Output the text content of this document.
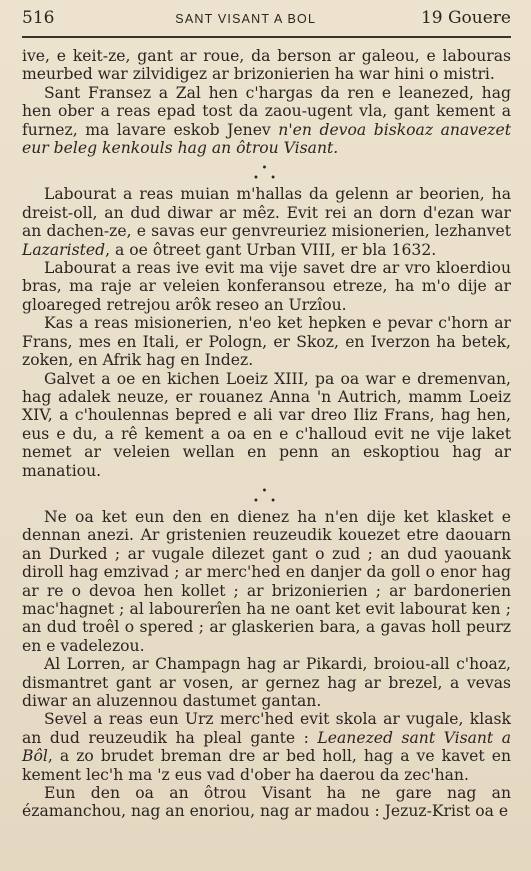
516	SANT VISANT A BOL	19 Gouere

ive, e keit-ze, gant ar roue, da berson ar galeou, e labouras meurbed war zilvidigez ar brizonierien ha war hini o mistri.

Sant Fransez a Zal hen c'hargas da ren e leanezed, hag hen ober a reas epad tost da zaou-ugent vla, gant kement a furnez, ma lavare eskob Jenev n'en devoa biskoaz anavezet eur beleg kenkouls hag an ôtrou Visant.

•
• •

Labourat a reas muian m'hallas da gelenn ar beorien, ha dreist-oll, an dud diwar ar mêz. Evit rei an dorn d'ezan war an dachen-ze, e savas eur genvreuriez misionerien, lezhanvet Lazaristed, a oe ôtreet gant Urban VIII, er bla 1632.

Labourat a reas ive evit ma vije savet dre ar vro kloerdiou bras, ma raje ar veleien konferansou etreze, ha m'o dije ar gloareged retrejou arôk reseo an Urzîou.

Kas a reas misionerien, n'eo ket hepken e pevar c'horn ar Frans, mes en Itali, er Pologn, er Skoz, en Iverzon ha betek, zoken, en Afrik hag en Indez.

Galvet a oe en kichen Loeiz XIII, pa oa war e dremenvan, hag adalek neuze, er rouanez Anna 'n Autrich, mamm Loeiz XIV, a c'houlennas bepred e ali var dreo Iliz Frans, hag hen, eus e du, a rê kement a oa en e c'halloud evit ne vije laket nemet ar veleien wellan en penn an eskoptiou hag ar manatiou.

•
• •

Ne oa ket eun den en dienez ha n'en dije ket klasket e dennan anezi. Ar gristenien reuzeudik kouezet etre daouarn an Durked ; ar vugale dilezet gant o zud ; an dud yaouank diroll hag emzivad ; ar merc'hed en danjer da goll o enor hag ar re o devoa hen kollet ; ar brizonierien ; ar bardonerien mac'hagnet ; al labourerîen ha ne oant ket evit labourat ken ; an dud troêl o spered ; ar glaskerien bara, a gavas holl peurz en e vadelezou.

Al Lorren, ar Champagn hag ar Pikardi, broiou-all c'hoaz, dismantret gant ar vosen, ar gernez hag ar brezel, a vevas diwar an aluzennou dastumet gantan.

Sevel a reas eun Urz merc'hed evit skola ar vugale, klask an dud reuzeudik ha pleal gante : Leanezed sant Visant a Bôl, a zo brudet breman dre ar bed holl, hag a ve kavet en kement lec'h ma 'z eus vad d'ober ha daerou da zec'han.

Eun den oa an ôtrou Visant ha ne gare nag an ézamanchou, nag an enoriou, nag ar madou : Jezuz-Krist oa e
